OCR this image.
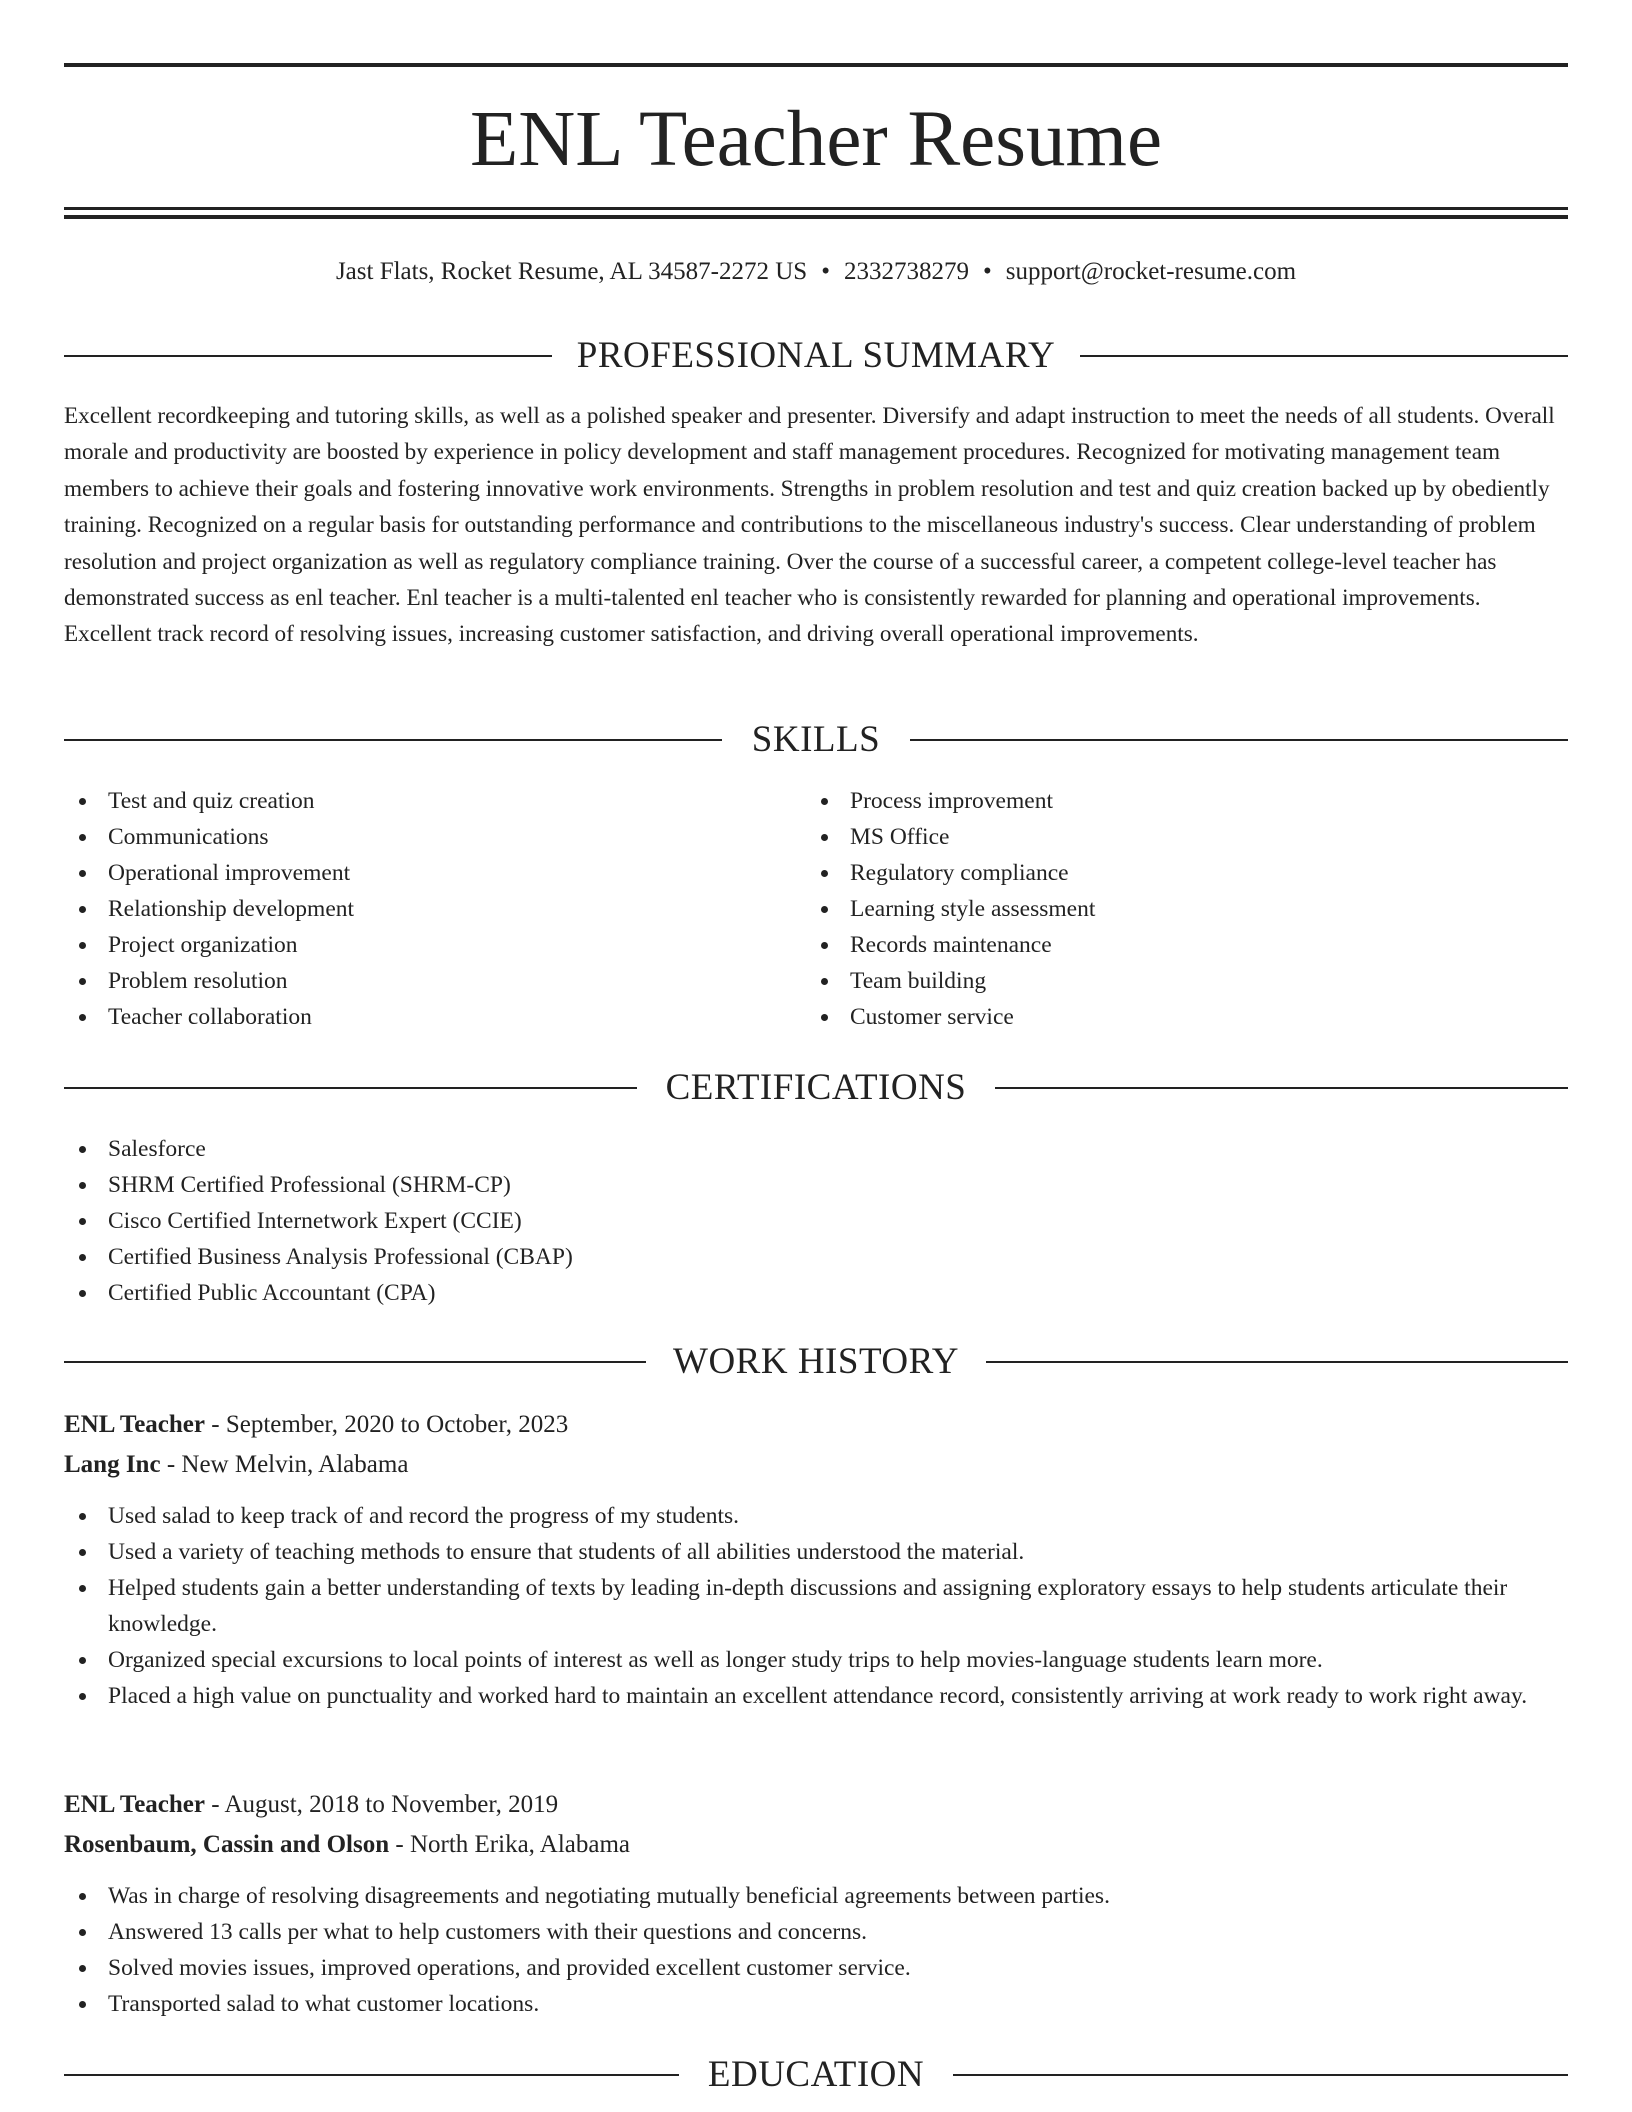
ENL Teacher Resume
Jast Flats, Rocket Resume, AL 34587-2272 US • 2332738279 • support@rocket-resume.com
PROFESSIONAL SUMMARY
Excellent recordkeeping and tutoring skills, as well as a polished speaker and presenter. Diversify and adapt instruction to meet the needs of all students. Overall morale and productivity are boosted by experience in policy development and staff management procedures. Recognized for motivating management team members to achieve their goals and fostering innovative work environments. Strengths in problem resolution and test and quiz creation backed up by obediently training. Recognized on a regular basis for outstanding performance and contributions to the miscellaneous industry's success. Clear understanding of problem resolution and project organization as well as regulatory compliance training. Over the course of a successful career, a competent college-level teacher has demonstrated success as enl teacher. Enl teacher is a multi-talented enl teacher who is consistently rewarded for planning and operational improvements. Excellent track record of resolving issues, increasing customer satisfaction, and driving overall operational improvements.
SKILLS
Test and quiz creation
Communications
Operational improvement
Relationship development
Project organization
Problem resolution
Teacher collaboration
Process improvement
MS Office
Regulatory compliance
Learning style assessment
Records maintenance
Team building
Customer service
CERTIFICATIONS
Salesforce
SHRM Certified Professional (SHRM-CP)
Cisco Certified Internetwork Expert (CCIE)
Certified Business Analysis Professional (CBAP)
Certified Public Accountant (CPA)
WORK HISTORY
ENL Teacher - September, 2020 to October, 2023
Lang Inc - New Melvin, Alabama
Used salad to keep track of and record the progress of my students.
Used a variety of teaching methods to ensure that students of all abilities understood the material.
Helped students gain a better understanding of texts by leading in-depth discussions and assigning exploratory essays to help students articulate their knowledge.
Organized special excursions to local points of interest as well as longer study trips to help movies-language students learn more.
Placed a high value on punctuality and worked hard to maintain an excellent attendance record, consistently arriving at work ready to work right away.
ENL Teacher - August, 2018 to November, 2019
Rosenbaum, Cassin and Olson - North Erika, Alabama
Was in charge of resolving disagreements and negotiating mutually beneficial agreements between parties.
Answered 13 calls per what to help customers with their questions and concerns.
Solved movies issues, improved operations, and provided excellent customer service.
Transported salad to what customer locations.
EDUCATION
